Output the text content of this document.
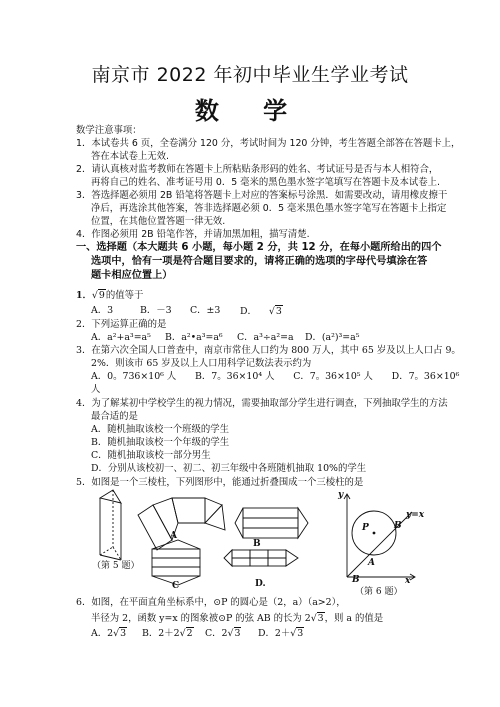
南京市 2022 年初中毕业生学业考试
数 学
数学注意事项：
1．本试卷共 6 页，全卷满分 120 分，考试时间为 120 分钟，考生答题全部答在答题卡上，
答在本试卷上无效.
2．请认真核对监考教师在答题卡上所粘贴条形码的姓名、考试证号是否与本人相符合，
再将自己的姓名、准考证号用 0．5 毫米的黑色墨水签字笔填写在答题卡及本试卷上.
3．答选择题必须用 2B 铅笔将答题卡上对应的答案标号涂黑．如需要改动，请用橡皮擦干
净后，再选涂其他答案，答非选择题必须 0．5 毫米黑色墨水签字笔写在答题卡上指定
位置，在其他位置答题一律无效.
4．作图必须用 2B 铅笔作答，并请加黑加粗，描写清楚.
一、选择题（本大题共 6 小题，每小题 2 分，共 12 分，在每小题所给出的四个
选项中，恰有一项是符合题目要求的，请将正确的选项的字母代号填涂在答
题卡相应位置上）
1．√9的值等于
A．3	B．－3 C．±3 D．    √3
2．下列运算正确的是
A．a²+a³=a⁵ B．a²•a³=a⁶ C．a³÷a²=a D．(a²)³=a⁵
3．在第六次全国人口普查中，南京市常住人口约为 800 万人，其中 65 岁及以上人口占 9。
2%．则该市 65 岁及以上人口用科学记数法表示约为
A．0。736×10⁶ 人　　B．7。36×10⁴ 人　　C．7。36×10⁵ 人　　D．7。36×10⁶
人
4．为了解某初中学校学生的视力情况，需要抽取部分学生进行调查，下列抽取学生的方法
最合适的是
A．随机抽取该校一个班级的学生
B．随机抽取该校一个年级的学生
C．随机抽取该校一部分男生
D．分别从该校初一、初二、初三年级中各班随机抽取 10%的学生
5．如图是一个三棱柱，下列图形中，能通过折叠围成一个三棱柱的是
A
B
C	D.
（第 5 题）
y
y=x
P	B
A
B	x
（第 6 题）
6．如图，在平面直角坐标系中，⊙P 的圆心是（2，a）（a>2），
半径为 2，函数 y=x 的图象被⊙P 的弦 AB 的长为 2√3，则 a 的值是
A．2√3 B．2＋2√2 C．2√3 D．2＋√3
